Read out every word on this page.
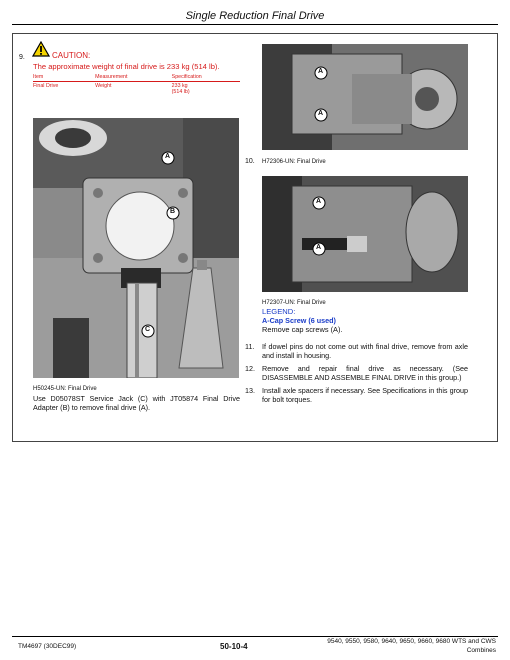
Single Reduction Final Drive
9.	CAUTION:
The approximate weight of final drive is 233 kg (514 lb).
Item	Measurement	Specification
Final Drive	Weight	233 kg
(514 lb)
A
B
C
H50245-UN: Final Drive
Use D05078ST Service Jack (C) with JT05874 Final Drive Adapter (B) to remove final drive (A).
A
A
10. H72306-UN: Final Drive
A
A
H72307-UN: Final Drive
LEGEND:
A-Cap Screw (6 used)
Remove cap screws (A).
11.	If dowel pins do not come out with final drive, remove from axle and install in housing.
12. Remove and repair final drive as necessary. (See DISASSEMBLE AND ASSEMBLE FINAL DRIVE in this group.)
13. Install axle spacers if necessary. See Specifications in this group for bolt torques.
TM4697 (30DEC99)	50-10-4
9540, 9550, 9580, 9640, 9650, 9660, 9680 WTS and CWS
Combines
